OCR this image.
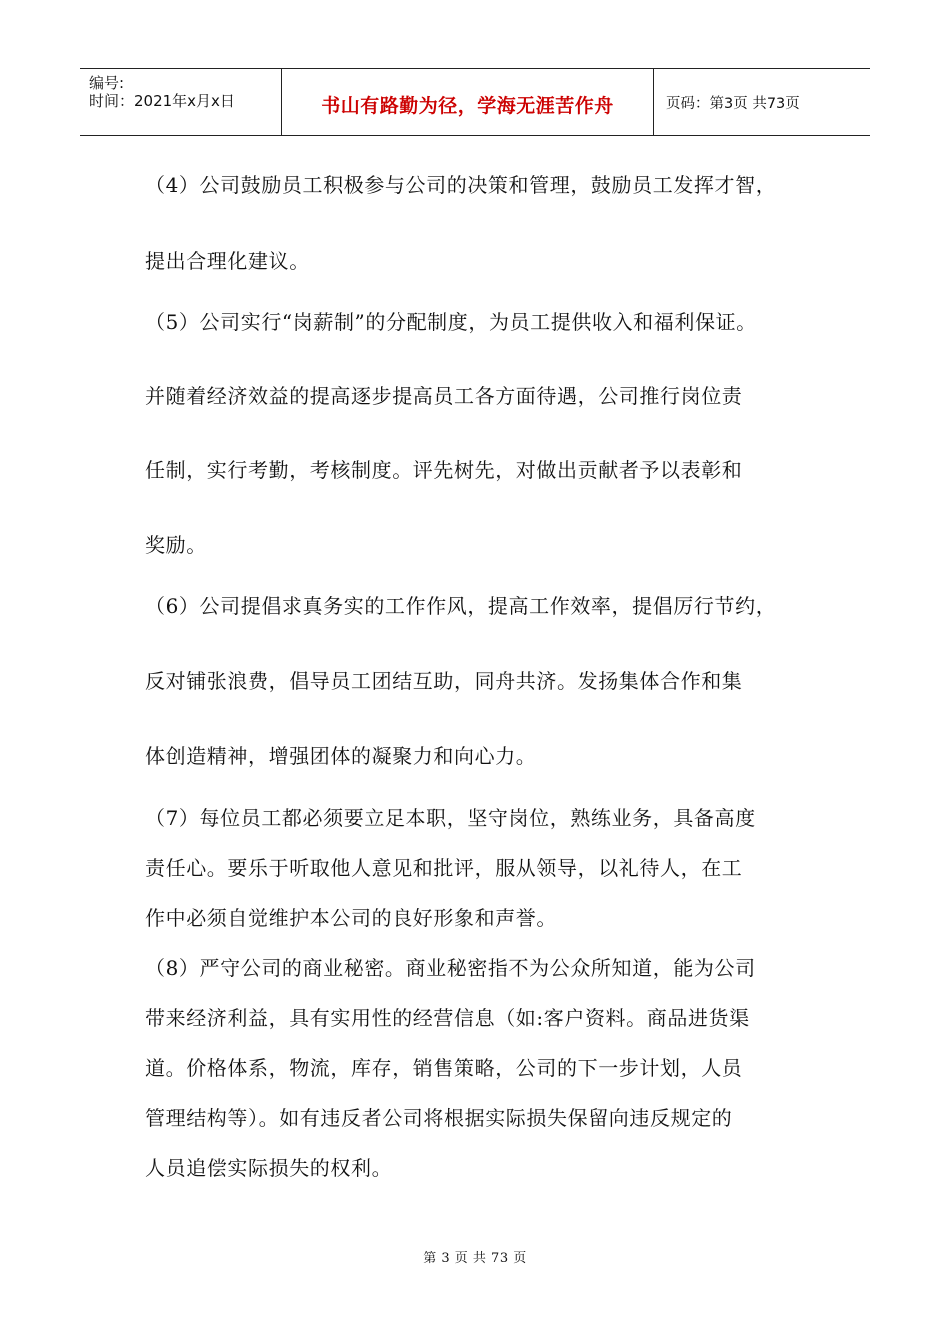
编号:
时间：2021年x月x日	书山有路勤为径，学海无涯苦作舟	页码：第3页 共73页
（4）公司鼓励员工积极参与公司的决策和管理，鼓励员工发挥才智，
提出合理化建议。
（5）公司实行“岗薪制”的分配制度，为员工提供收入和福利保证。
并随着经济效益的提高逐步提高员工各方面待遇，公司推行岗位责
任制，实行考勤，考核制度。评先树先，对做出贡献者予以表彰和
奖励。
（6）公司提倡求真务实的工作作风，提高工作效率，提倡厉行节约，
反对铺张浪费，倡导员工团结互助，同舟共济。发扬集体合作和集
体创造精神，增强团体的凝聚力和向心力。
（7）每位员工都必须要立足本职，坚守岗位，熟练业务，具备高度
责任心。要乐于听取他人意见和批评，服从领导，以礼待人，在工
作中必须自觉维护本公司的良好形象和声誉。
（8）严守公司的商业秘密。商业秘密指不为公众所知道，能为公司
带来经济利益，具有实用性的经营信息（如:客户资料。商品进货渠
道。价格体系，物流，库存，销售策略，公司的下一步计划，人员
管理结构等）。如有违反者公司将根据实际损失保留向违反规定的
人员追偿实际损失的权利。
第 3 页 共 73 页
